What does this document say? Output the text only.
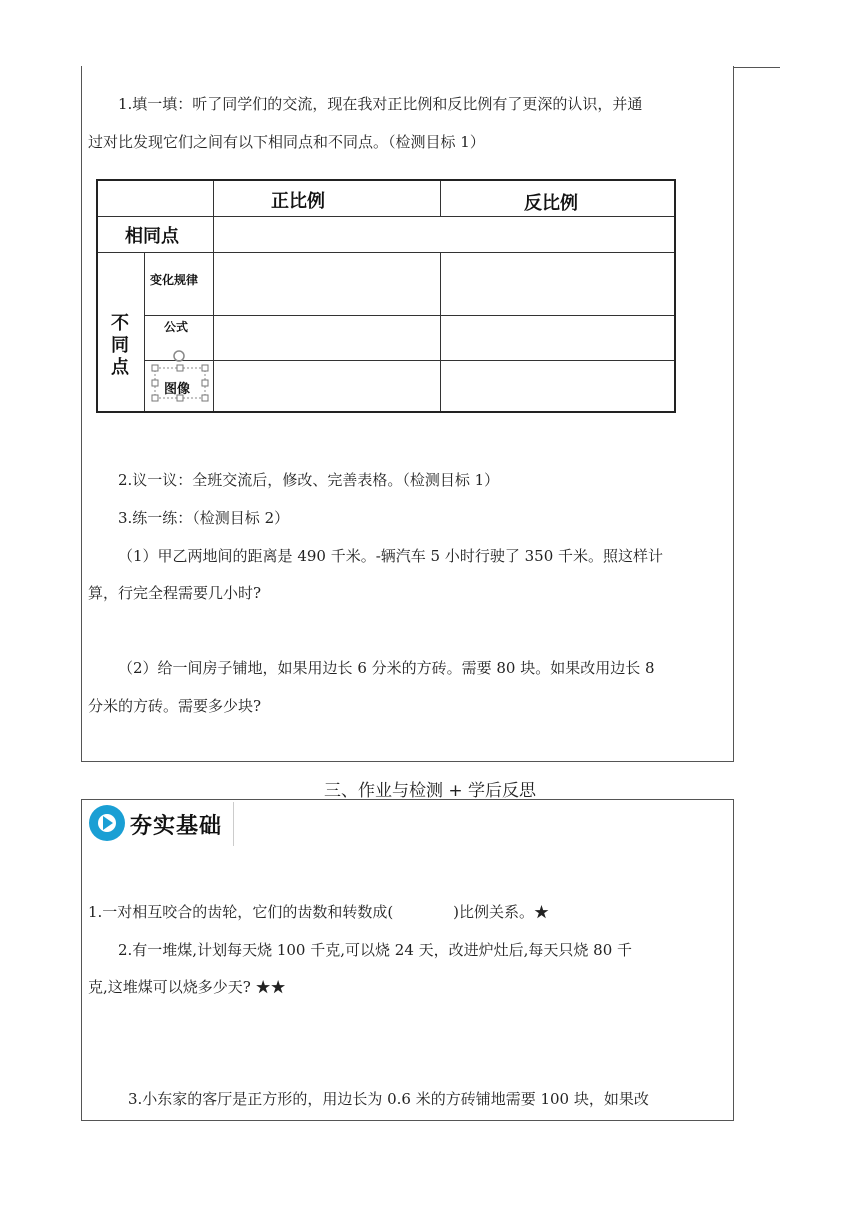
1.填一填：听了同学们的交流，现在我对正比例和反比例有了更深的认识，并通
过对比发现它们之间有以下相同点和不同点。（检测目标 1）
正比例	反比例
相同点
不
同
点
变化规律
公式
图像
2.议一议：全班交流后，修改、完善表格。（检测目标 1）
3.练一练：（检测目标 2）
（1）甲乙两地间的距离是 490 千米。-辆汽车 5 小时行驶了 350 千米。照这样计
算，行完全程需要几小时?
（2）给一间房子铺地，如果用边长 6 分米的方砖。需要 80 块。如果改用边长 8
分米的方砖。需要多少块?
三、作业与检测 + 学后反思
夯实基础
1.一对相互咬合的齿轮，它们的齿数和转数成(　　　　)比例关系。★
2.有一堆煤,计划每天烧 100 千克,可以烧 24 天，改进炉灶后,每天只烧 80 千
克,这堆煤可以烧多少天? ★★
3.小东家的客厅是正方形的，用边长为 0.6 米的方砖铺地需要 100 块，如果改
